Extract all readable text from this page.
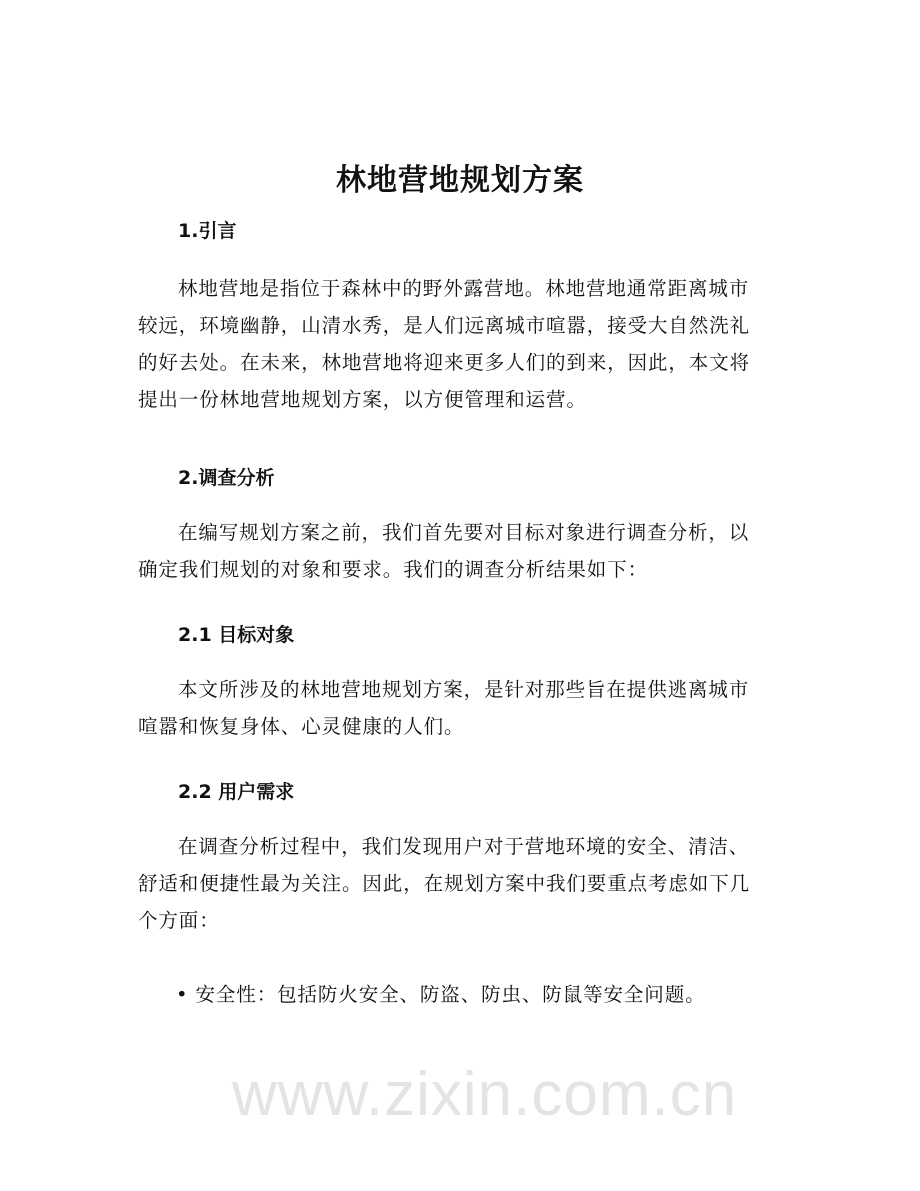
www.zixin.com.cn
林地营地规划方案
1.引言
林地营地是指位于森林中的野外露营地。林地营地通常距离城市
较远，环境幽静，山清水秀，是人们远离城市喧嚣，接受大自然洗礼
的好去处。在未来，林地营地将迎来更多人们的到来，因此，本文将
提出一份林地营地规划方案，以方便管理和运营。
2.调查分析
在编写规划方案之前，我们首先要对目标对象进行调查分析，以
确定我们规划的对象和要求。我们的调查分析结果如下：
2.1 目标对象
本文所涉及的林地营地规划方案，是针对那些旨在提供逃离城市
喧嚣和恢复身体、心灵健康的人们。
2.2 用户需求
在调查分析过程中，我们发现用户对于营地环境的安全、清洁、
舒适和便捷性最为关注。因此，在规划方案中我们要重点考虑如下几
个方面：
• 安全性：包括防火安全、防盗、防虫、防鼠等安全问题。
